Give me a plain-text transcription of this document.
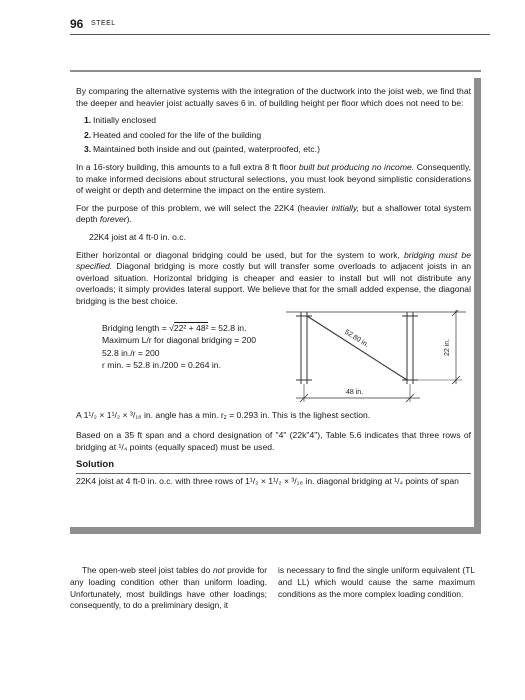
96 STEEL

By comparing the alternative systems with the integration of the ductwork into the joist web, we find that the deeper and heavier joist actually saves 6 in. of building height per floor which does not need to be:

1. Initially enclosed
2. Heated and cooled for the life of the building
3. Maintained both inside and out (painted, waterproofed, etc.)

In a 16-story building, this amounts to a full extra 8 ft floor built but producing no income. Consequently, to make informed decisions about structural selections, you must look beyond simplistic considerations of weight or depth and determine the impact on the entire system.

For the purpose of this problem, we will select the 22K4 (heavier initially, but a shallower total system depth forever).

22K4 joist at 4 ft-0 in. o.c.

Either horizontal or diagonal bridging could be used, but for the system to work, bridging must be specified. Diagonal bridging is more costly but will transfer some overloads to adjacent joists in an overload situation. Horizontal bridging is cheaper and easier to install but will not distribute any overloads; it simply provides lateral support. We believe that for the small added expense, the diagonal bridging is the best choice.

Bridging length = √22² + 48² = 52.8 in.
Maximum L/r for diagonal bridging = 200
52.8 in./r = 200
r min. = 52.8 in./200 = 0.264 in.
52.80 in.
48 in.
22 in.

A 1¹/₂ × 1¹/₂ × ³/₁₆ in. angle has a min. $r_z = 0.293$ in. This is the lighest section.

Based on a 35 ft span and a chord designation of "4" (22k"4"), Table 5.6 indicates that three rows of bridging at ¹/₄ points (equally spaced) must be used.

Solution

22K4 joist at 4 ft-0 in. o.c. with three rows of 1¹/₂ × 1¹/₂ × ³/₁₆ in. diagonal bridging at ¹/₄ points of span

The open-web steel joist tables do not provide for any loading condition other than uniform loading. Unfortunately, most buildings have other loadings; consequently, to do a preliminary design, it

is necessary to find the single uniform equivalent (TL and LL) which would cause the same maximum conditions as the more complex loading condition.
